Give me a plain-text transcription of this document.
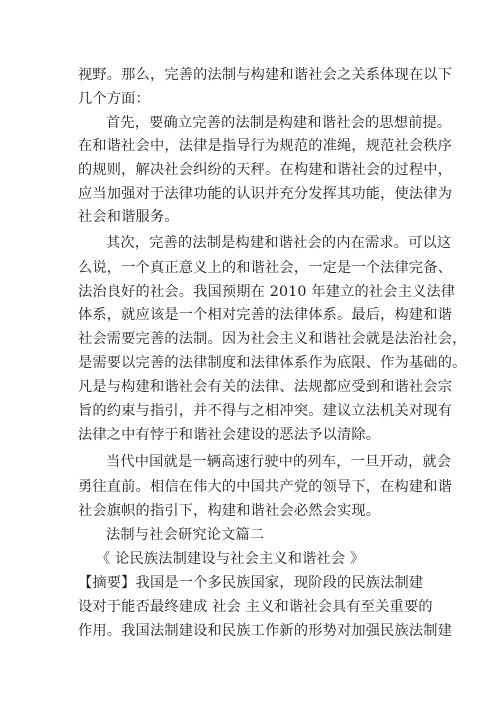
视野。那么，完善的法制与构建和谐社会之关系体现在以下

几个方面：

首先，要确立完善的法制是构建和谐社会的思想前提。

在和谐社会中，法律是指导行为规范的准绳，规范社会秩序

的规则，解决社会纠纷的天秤。在构建和谐社会的过程中，

应当加强对于法律功能的认识并充分发挥其功能，使法律为

社会和谐服务。

其次，完善的法制是构建和谐社会的内在需求。可以这

么说，一个真正意义上的和谐社会，一定是一个法律完备、

法治良好的社会。我国预期在 2010 年建立的社会主义法律

体系，就应该是一个相对完善的法律体系。最后，构建和谐

社会需要完善的法制。因为社会主义和谐社会就是法治社会，

是需要以完善的法律制度和法律体系作为底限、作为基础的。

凡是与构建和谐社会有关的法律、法规都应受到和谐社会宗

旨的约束与指引，并不得与之相冲突。建议立法机关对现有

法律之中有悖于和谐社会建设的恶法予以清除。

当代中国就是一辆高速行驶中的列车，一旦开动，就会

勇往直前。相信在伟大的中国共产党的领导下，在构建和谐

社会旗帜的指引下，构建和谐社会必然会实现。

法制与社会研究论文篇二

《 论民族法制建设与社会主义和谐社会 》

【摘要】我国是一个多民族国家，现阶段的民族法制建

设对于能否最终建成 社会 主义和谐社会具有至关重要的

作用。我国法制建设和民族工作新的形势对加强民族法制建
